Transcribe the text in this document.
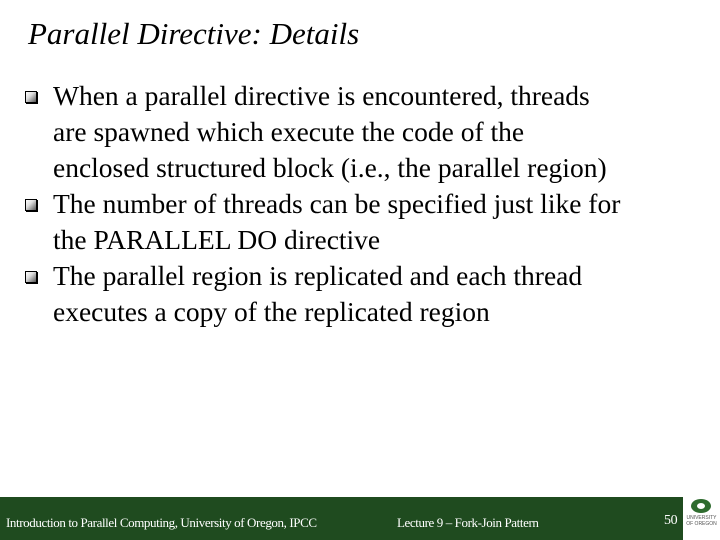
Parallel Directive: Details
When a parallel directive is encountered, threads
are spawned which execute the code of the
enclosed structured block (i.e., the parallel region)
The number of threads can be specified just like for
the PARALLEL DO directive
The parallel region is replicated and each thread
executes a copy of the replicated region
Introduction to Parallel Computing, University of Oregon, IPCC	Lecture 9 – Fork-Join Pattern	50 UNIVERSITY OF OREGON
